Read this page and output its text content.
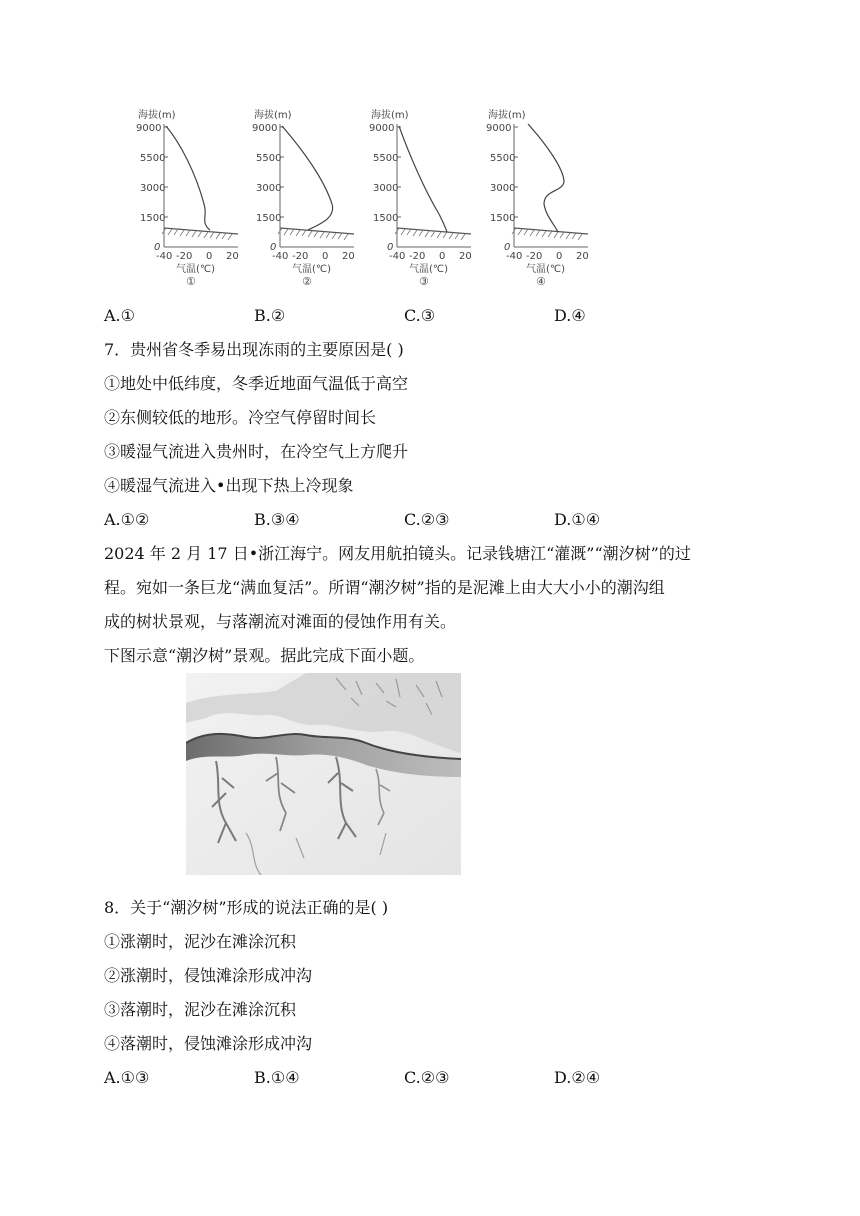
海拔(m)
9000
5500
3000
1500
0
-40 -20 0 20
气温(℃)
①
海拔(m)
9000
5500
3000
1500
0
-40 -20 0 20
气温(℃)
②
海拔(m)
9000
5500
3000
1500
0
-40 -20 0 20
气温(℃)
③
海拔(m)
9000
5500
3000
1500
0
-40 -20 0 20
气温(℃)
④
A.①	B.②	C.③	D.④
7．贵州省冬季易出现冻雨的主要原因是( )
①地处中低纬度，冬季近地面气温低于高空
②东侧较低的地形。冷空气停留时间长
③暖湿气流进入贵州时，在冷空气上方爬升
④暖湿气流进入•出现下热上冷现象
A.①②	B.③④	C.②③	D.①④
2024 年 2 月 17 日•浙江海宁。网友用航拍镜头。记录钱塘江“灌溉”“潮汐树”的过
程。宛如一条巨龙“满血复活”。所谓“潮汐树”指的是泥滩上由大大小小的潮沟组
成的树状景观，与落潮流对滩面的侵蚀作用有关。
下图示意“潮汐树”景观。据此完成下面小题。
8．关于“潮汐树”形成的说法正确的是( )
①涨潮时，泥沙在滩涂沉积
②涨潮时，侵蚀滩涂形成冲沟
③落潮时，泥沙在滩涂沉积
④落潮时，侵蚀滩涂形成冲沟
A.①③	B.①④	C.②③	D.②④
